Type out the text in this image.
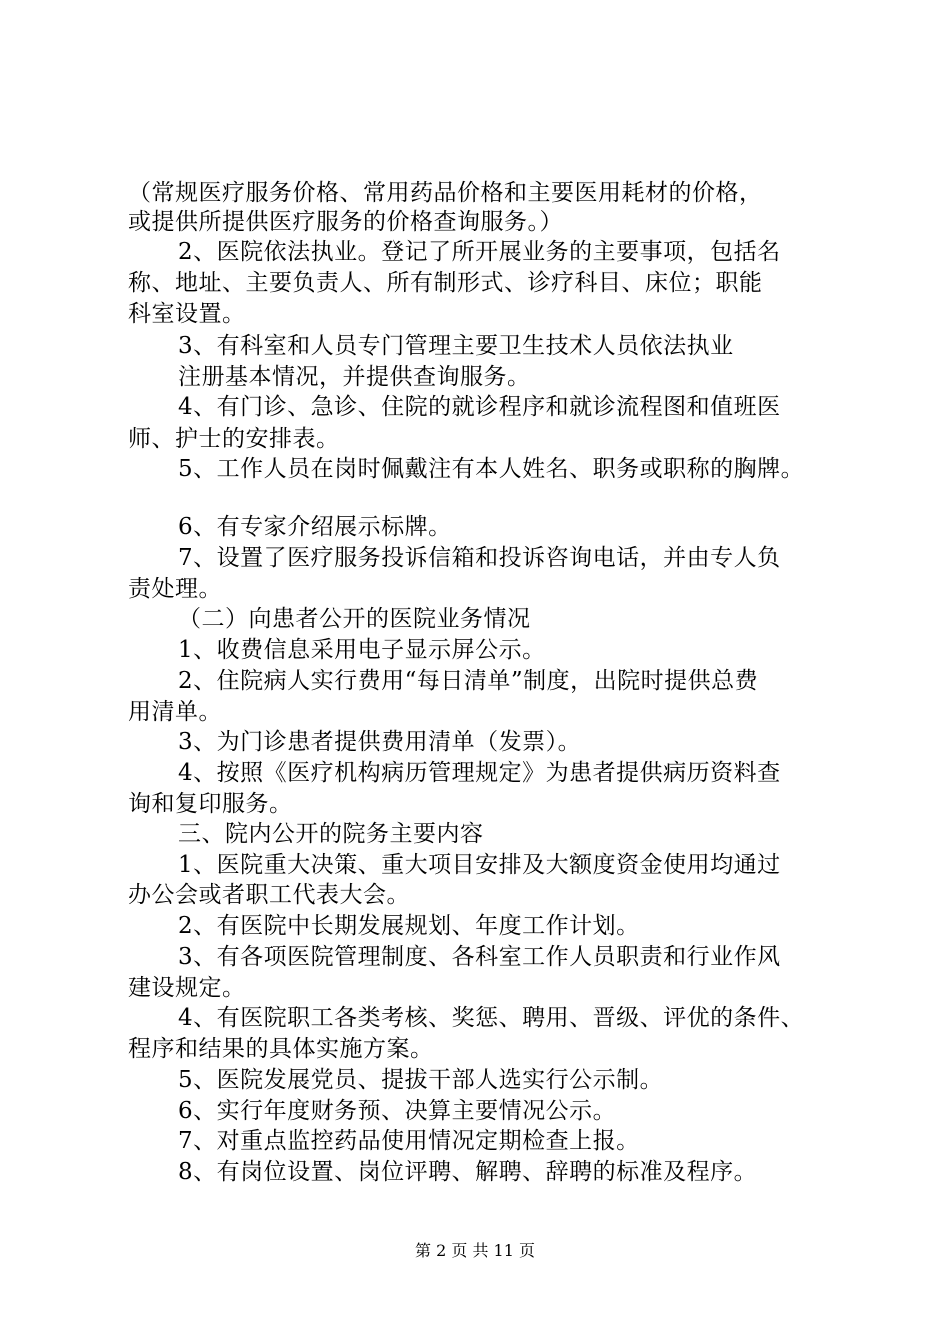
（常规医疗服务价格、常用药品价格和主要医用耗材的价格，
或提供所提供医疗服务的价格查询服务。）
2、医院依法执业。登记了所开展业务的主要事项，包括名
称、地址、主要负责人、所有制形式、诊疗科目、床位；职能
科室设置。
3、有科室和人员专门管理主要卫生技术人员依法执业
注册基本情况，并提供查询服务。
4、有门诊、急诊、住院的就诊程序和就诊流程图和值班医
师、护士的安排表。
5、工作人员在岗时佩戴注有本人姓名、职务或职称的胸牌。
6、有专家介绍展示标牌。
7、设置了医疗服务投诉信箱和投诉咨询电话，并由专人负
责处理。
（二）向患者公开的医院业务情况
1、收费信息采用电子显示屏公示。
2、住院病人实行费用“每日清单”制度，出院时提供总费
用清单。
3、为门诊患者提供费用清单（发票）。
4、按照《医疗机构病历管理规定》为患者提供病历资料查
询和复印服务。
三、院内公开的院务主要内容
1、医院重大决策、重大项目安排及大额度资金使用均通过
办公会或者职工代表大会。
2、有医院中长期发展规划、年度工作计划。
3、有各项医院管理制度、各科室工作人员职责和行业作风
建设规定。
4、有医院职工各类考核、奖惩、聘用、晋级、评优的条件、
程序和结果的具体实施方案。
5、医院发展党员、提拔干部人选实行公示制。
6、实行年度财务预、决算主要情况公示。
7、对重点监控药品使用情况定期检查上报。
8、有岗位设置、岗位评聘、解聘、辞聘的标准及程序。
第 2 页 共 11 页
